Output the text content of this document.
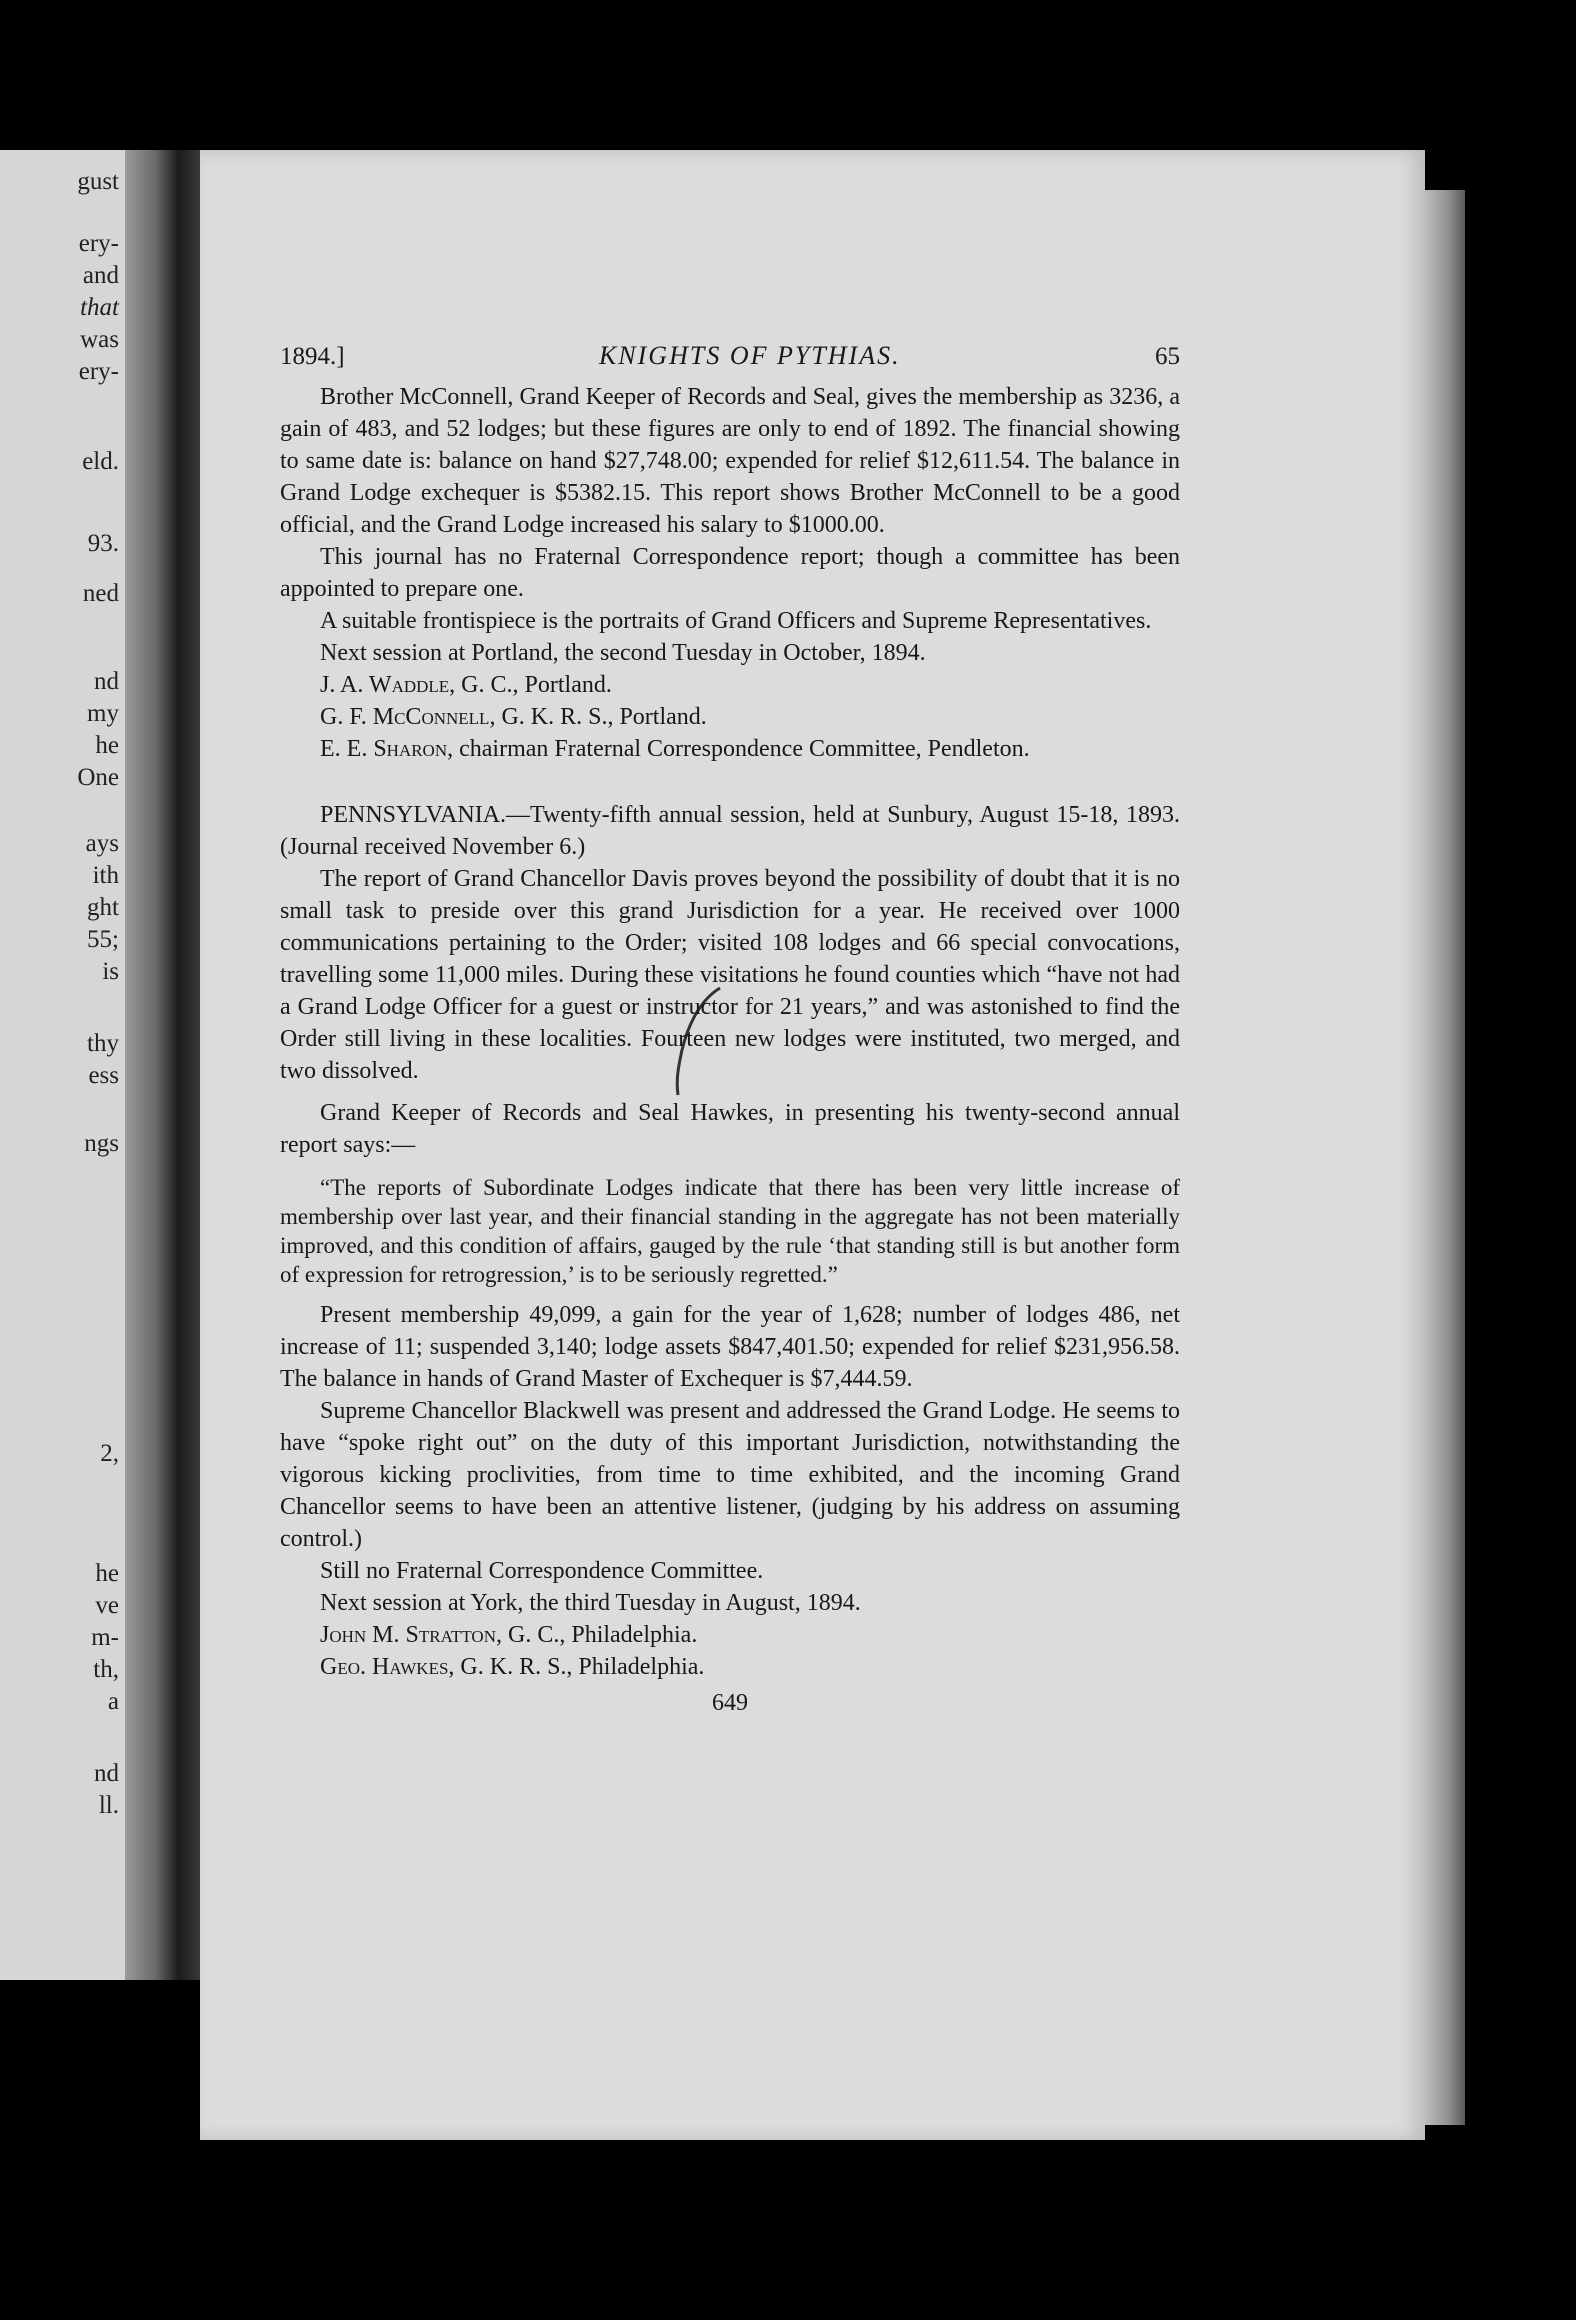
gust
ery-
and
that
was
ery-
eld.
93.
ned
nd
my
he
One
ays
ith
ght
55;
is
thy
ess
ngs
2,
he
ve
m-
th,
a
nd
ll.
1894.]	KNIGHTS OF PYTHIAS.	65

Brother McConnell, Grand Keeper of Records and Seal, gives the membership as 3236, a gain of 483, and 52 lodges; but these figures are only to end of 1892. The financial showing to same date is: balance on hand $27,748.00; expended for relief $12,611.54. The balance in Grand Lodge exchequer is $5382.15. This report shows Brother McConnell to be a good official, and the Grand Lodge increased his salary to $1000.00.

This journal has no Fraternal Correspondence report; though a committee has been appointed to prepare one.

A suitable frontispiece is the portraits of Grand Officers and Supreme Representatives.

Next session at Portland, the second Tuesday in October, 1894.

J. A. Waddle, G. C., Portland.

G. F. McConnell, G. K. R. S., Portland.

E. E. Sharon, chairman Fraternal Correspondence Committee, Pendleton.

PENNSYLVANIA.—Twenty-fifth annual session, held at Sunbury, August 15-18, 1893. (Journal received November 6.)

The report of Grand Chancellor Davis proves beyond the possibility of doubt that it is no small task to preside over this grand Jurisdiction for a year. He received over 1000 communications pertaining to the Order; visited 108 lodges and 66 special convocations, travelling some 11,000 miles. During these visitations he found counties which “have not had a Grand Lodge Officer for a guest or instructor for 21 years,” and was astonished to find the Order still living in these localities. Fourteen new lodges were instituted, two merged, and two dissolved.

Grand Keeper of Records and Seal Hawkes, in presenting his twenty-second annual report says:—

“The reports of Subordinate Lodges indicate that there has been very little increase of membership over last year, and their financial standing in the aggregate has not been materially improved, and this condition of affairs, gauged by the rule ‘that standing still is but another form of expression for retrogression,’ is to be seriously regretted.”

Present membership 49,099, a gain for the year of 1,628; number of lodges 486, net increase of 11; suspended 3,140; lodge assets $847,401.50; expended for relief $231,956.58. The balance in hands of Grand Master of Exchequer is $7,444.59.

Supreme Chancellor Blackwell was present and addressed the Grand Lodge. He seems to have “spoke right out” on the duty of this important Jurisdiction, notwithstanding the vigorous kicking proclivities, from time to time exhibited, and the incoming Grand Chancellor seems to have been an attentive listener, (judging by his address on assuming control.)

Still no Fraternal Correspondence Committee.

Next session at York, the third Tuesday in August, 1894.

John M. Stratton, G. C., Philadelphia.

Geo. Hawkes, G. K. R. S., Philadelphia.

649
